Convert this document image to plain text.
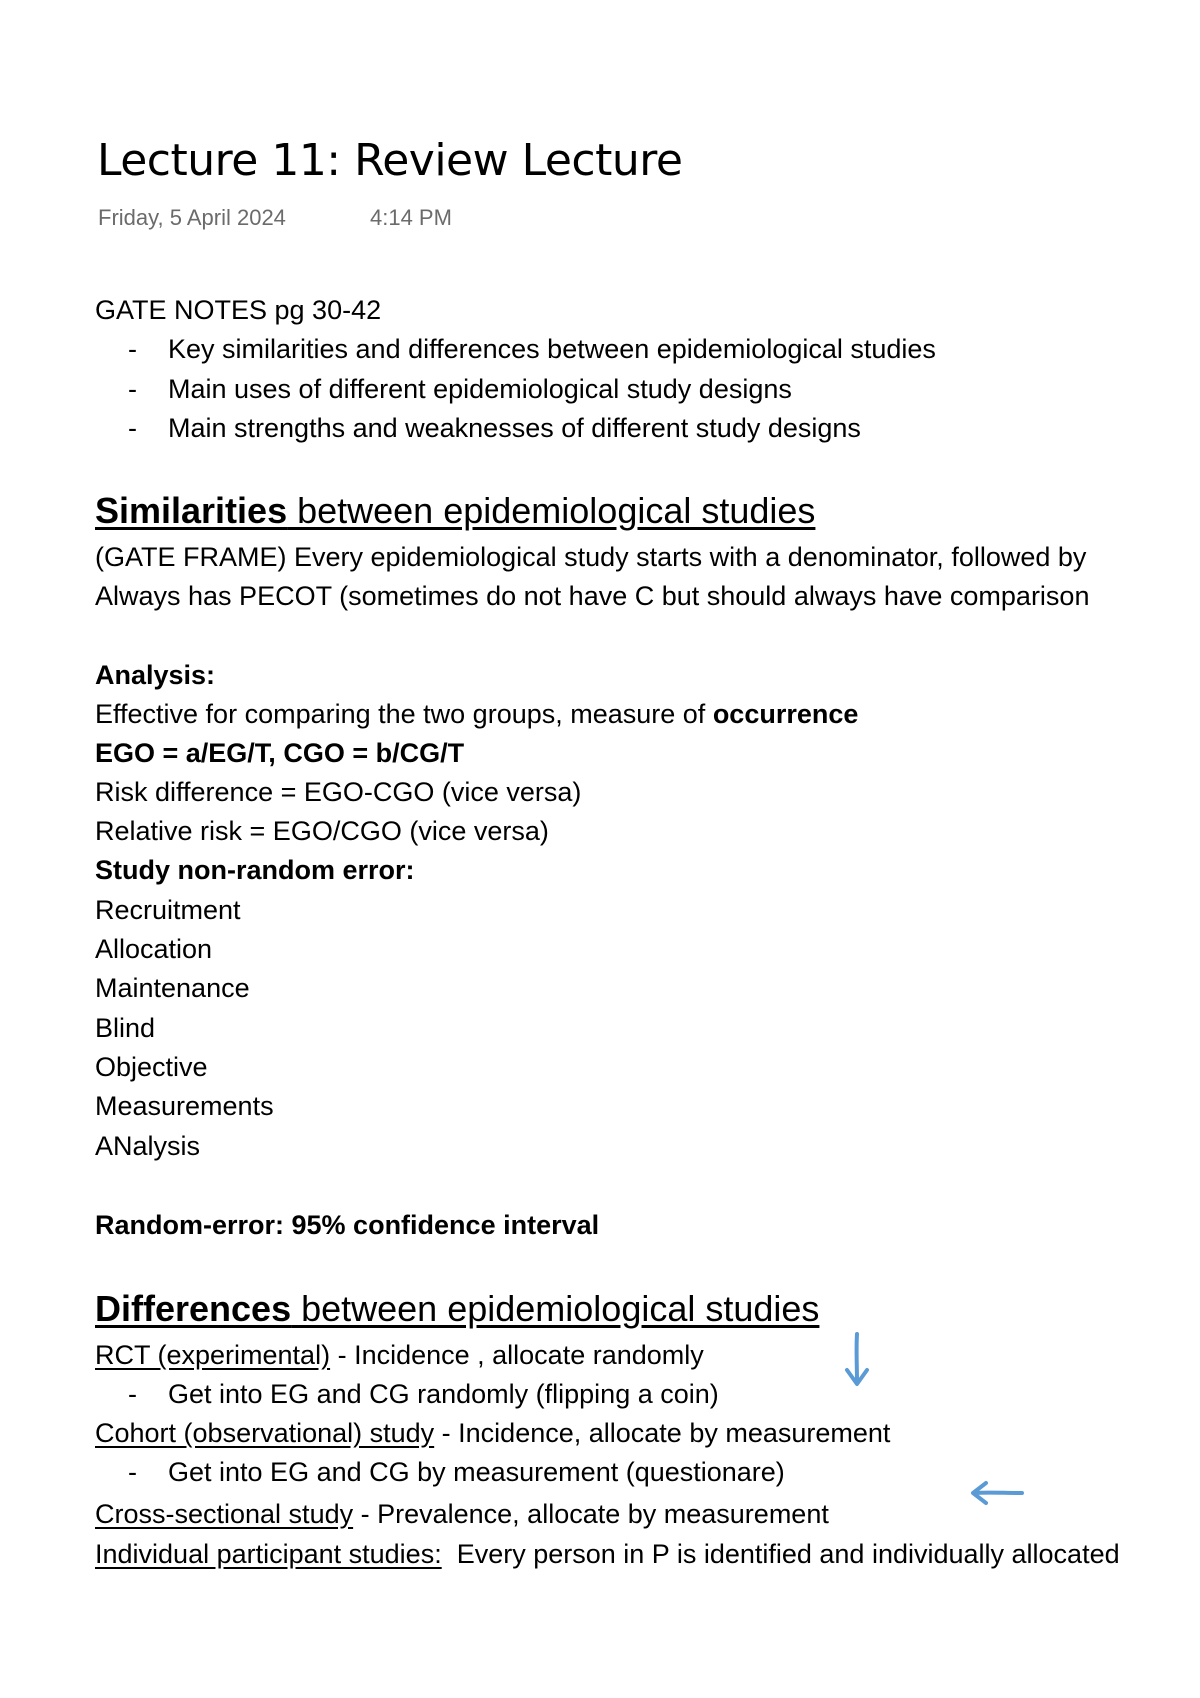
Lecture 11: Review Lecture
Friday, 5 April 2024	4:14 PM
GATE NOTES pg 30-42
- Key similarities and differences between epidemiological studies
- Main uses of different epidemiological study designs
- Main strengths and weaknesses of different study designs
Similarities between epidemiological studies
(GATE FRAME) Every epidemiological study starts with a denominator, followed by
Always has PECOT (sometimes do not have C but should always have comparison
Analysis:
Effective for comparing the two groups, measure of occurrence
EGO = a/EG/T, CGO = b/CG/T
Risk difference = EGO-CGO (vice versa)
Relative risk = EGO/CGO (vice versa)
Study non-random error:
Recruitment
Allocation
Maintenance
Blind
Objective
Measurements
ANalysis
Random-error: 95% confidence interval
Differences between epidemiological studies
RCT (experimental) - Incidence , allocate randomly
- Get into EG and CG randomly (flipping a coin)
Cohort (observational) study - Incidence, allocate by measurement
- Get into EG and CG by measurement (questionare)
Cross-sectional study - Prevalence, allocate by measurement
Individual participant studies:  Every person in P is identified and individually allocated
